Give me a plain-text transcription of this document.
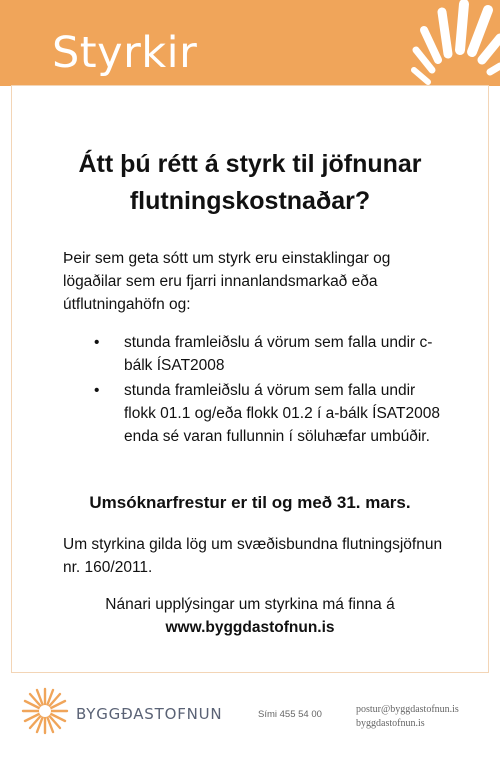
Styrkir
Átt þú rétt á styrk til jöfnunar flutningskostnaðar?

Þeir sem geta sótt um styrk eru einstaklingar og lögaðilar sem eru fjarri innanlandsmarkað eða útflutningahöfn og:

• stunda framleiðslu á vörum sem falla undir c-bálk ÍSAT2008
• stunda framleiðslu á vörum sem falla undir flokk 01.1 og/eða flokk 01.2 í a-bálk ÍSAT2008 enda sé varan fullunnin í söluhæfar umbúðir.

Umsóknarfrestur er til og með 31. mars.

Um styrkina gilda lög um svæðisbundna flutningsjöfnun nr. 160/2011.

Nánari upplýsingar um styrkina má finna á
www.byggdastofnun.is

BYGGÐASTOFNUN	Sími 455 54 00	postur@byggdastofnun.is
byggdastofnun.is
